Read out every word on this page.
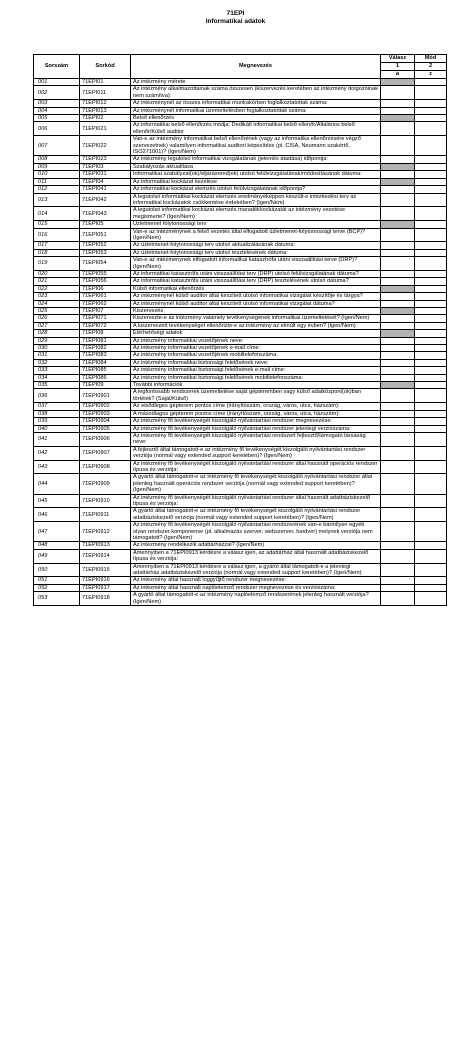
71EPI
Informatikai adatok
Sorszám	Sorkód	Megnevezés	Válasz	Mód
			1	2
			a	z
001	71EPI01	Az intézmény mérete		
002	71EPI011	Az intézmény alkalmazottainak száma összesen (kiszervezés keretében az intézmény dolgozóinak nem számítva):		
003	71EPI012	Az intézménynél az összes informatikai munkakörben foglalkoztatottak száma:		
004	71EPI013	Az intézménynél informatikai üzemeltetésben foglalkoztatottak száma:		
005	71EPI02	Belső ellenőrzés		
006	71EPI021	Az informatikai belső ellenőrzés módja: Dedikált informatikai belső ellenőr/Általános belső ellenőr/Külső auditor		
007	71EPI022	Van-e az intézmény informatikai belső ellenőrének (vagy az informatika ellenőrzésére végző szervezetnek) valamilyen informatikai auditori képesítése (pl. CISA, Neumann szakértő, ISO271001)? (Igen/Nem)		
008	71EPI023	Az intézmény legutolsó informatikai vizsgálatának (jelentés átadása) időpontja:		
009	71EPI03	Szabályozás aktualitása		
010	71EPI031	Informatikai szabályzat(ok)/eljárásrend(ek) utolsó felülvizsgálatának/módosításának dátuma:		
011	71EPI04	Az informatikai kockázat kezelése		
012	71EPI041	Az informatikai kockázat elemzés utolsó felülvizsgálatának időpontja?		
013	71EPI042	A legutolsó informatikai kockázat elemzés eredményeképpen készült-e intézkedési terv az informatikai kockázatok csökkentése érdekében? (Igen/Nem)		
014	71EPI043	A legutolsó informatikai kockázat elemzés maradékkockázatát az intézmény vezetése megismerte? (Igen/Nem)		
015	71EPI05	Üzletmenet folytonossági terv		
016	71EPI051	Van-e az intézménynek a felső vezetés által elfogadott üzletmenet-folytonossági terve (BCP)? (Igen/Nem)		
017	71EPI052	Az üzletmenet-folytonossági terv utolsó aktualizálásának dátuma:		
018	71EPI053	Az üzletmenet-folytonossági terv utolsó tesztelésének dátuma:		
019	71EPI054	Van-e az intézménynek elfogadott informatikai katasztrófa utáni visszaállítási terve (DRP)? (Igen/Nem)		
020	71EPI055	Az informatikai katasztrófa utáni visszaállítási terv (DRP) utolsó felülvizsgálatának dátuma?		
021	71EPI056	Az informatikai katasztrófa utáni visszaállítási terv (DRP) tesztelésének utolsó dátuma?		
022	71EPI06	Külső informatikai ellenőrzés		
023	71EPI061	Az intézménynél külső auditor által készített utolsó informatikai vizsgálat készítője és tárgya?		
024	71EPI062	Az intézménynél külső auditor által készített utolsó informatikai vizsgálat dátuma?		
025	71EPI07	Kiszervezés		
026	71EPI071	Kiszervezte-e az intézmény valamely tevékenységének informatikai üzemeltetését? (Igen/Nem)		
027	71EPI072	A kiszervezett tevékenységet ellenőrizte-e az intézmény az elmúlt egy évben? (Igen/Nem)		
028	71EPI08	Elérhetőségi adatok		
029	71EPI081	Az intézmény informatikai vezetőjének neve:		
030	71EPI082	Az intézmény informatikai vezetőjének e-mail címe:		
031	71EPI083	Az intézmény informatikai vezetőjének mobiltelefonszáma:		
032	71EPI084	Az intézmény informatikai biztonsági felelősének neve:		
033	71EPI085	Az intézmény informatikai biztonsági felelősének e-mail címe:		
034	71EPI086	Az intézmény informatikai biztonsági felelősének mobiltelefonszáma:		
035	71EPI09	További információk		
036	71EPI0901	A legfontosabb rendszerek üzemeltetése saját gépteremben vagy külső adatközpont(ok)ban történik? (Saját/Külső)		
037	71EPI0902	Az elsődleges gépterem pontos címe (irányítószám, ország, város, utca, házszám):		
038	71EPI0903	A másodlagos gépterem pontos címe (irányítószám, ország, város, utca, házszám):		
039	71EPI0904	Az intézmény fő tevékenységét kiszolgáló nyilvántartási rendszer megnevezése:		
040	71EPI0905	Az intézmény fő tevékenységét kiszolgáló nyilvántartási rendszer jelenlegi verziószáma:		
041	71EPI0906	Az intézmény fő tevékenységét kiszolgáló nyilvántartási rendszert fejlesztő/támogató társaság neve:		
042	71EPI0907	A fejlesztő által támogatott-e az intézmény fő tevékenységét kiszolgáló nyilvántartási rendszer verziója (normál vagy extended support keretében)? (Igen/Nem)		
043	71EPI0908	Az intézmény fő tevékenységét kiszolgáló nyilvántartási rendszer által használt operációs rendszer típusa és verziója:		
044	71EPI0909	A gyártó által támogatott-e az intézmény fő tevékenységét kiszolgáló nyilvántartási rendszer által jelenleg használt operációs rendszer verziója (normál vagy extended support keretében)? (Igen/Nem)		
045	71EPI0910	Az intézmény fő tevékenységét kiszolgáló nyilvántartási rendszer által használt adatbáziskezelő típusa és verziója:		
046	71EPI0911	A gyártó által támogatott-e az intézmény fő tevékenységét kiszolgáló nyilvántartási rendszer adatbáziskezelő verziója (normál vagy extended support keretében)? (Igen/Nem)		
047	71EPI0912	Az intézmény fő tevékenységét kiszolgáló nyilvántartási rendszerének van-e bármilyen egyéb olyan rendszer komponense (pl. alkalmazás szerver, webszerver, hardver) melynek verziója nem támogatott? (Igen/Nem)		
048	71EPI0913	Az intézmény rendelkezik adattárházzal? (Igen/Nem)		
049	71EPI0914	Amennyiben a 71EPI0913 kérdésre a válasz igen, az adattárház által használt adatbáziskezelő típusa és verziója:		
050	71EPI0915	Amennyiben a 71EPI0913 kérdésre a válasz igen, a gyártó által támogatott-e a jelenlegi adattárház adatbáziskezelő verziója (normál vagy extended support keretében)? (Igen/Nem)		
051	71EPI0916	Az intézmény által használt loggyűjtő rendszer megnevezése:		
052	71EPI0917	Az intézmény által használt naplóelemző rendszer megnevezése és verziószáma:		
053	71EPI0918	A gyártó által támogatott-e az intézmény naplóelemző rendszerének jelenleg használt verziója? (Igen/Nem)		
